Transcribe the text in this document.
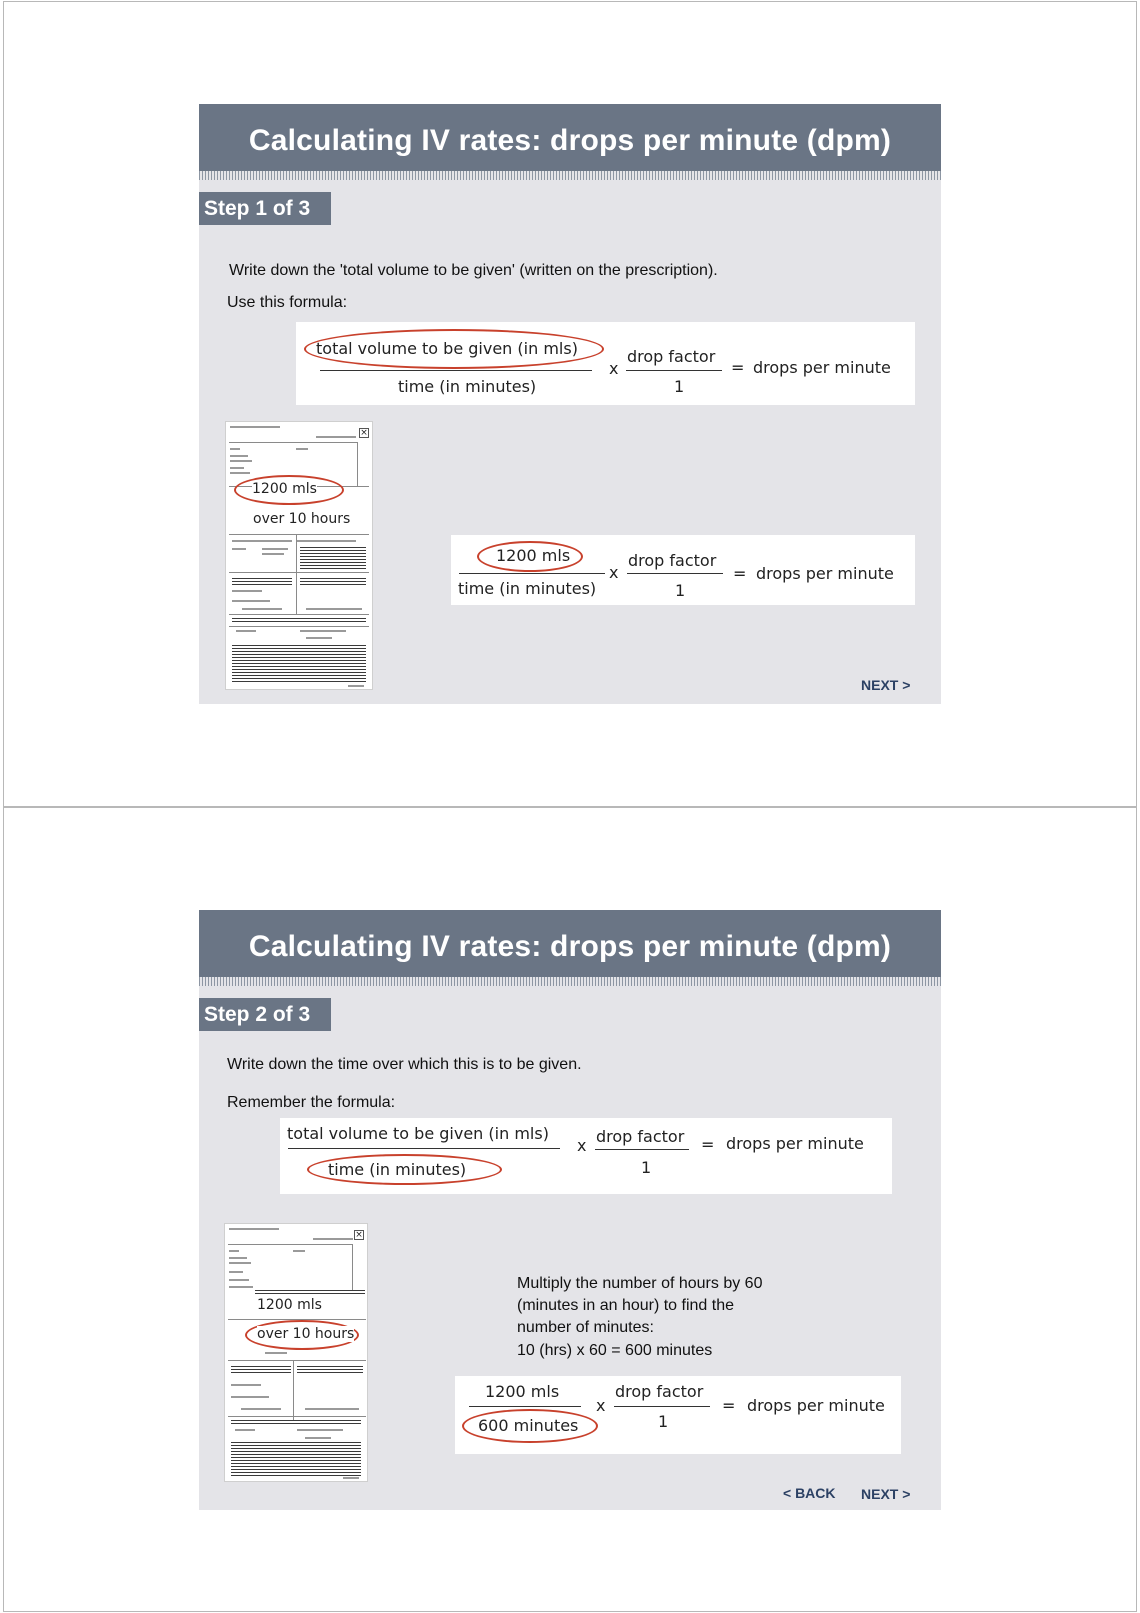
Calculating IV rates: drops per minute (dpm)
Step 1 of 3
Write down the 'total volume to be given' (written on the prescription).
Use this formula:
total volume to be given (in mls)
time (in minutes)
x
drop factor
1
= drops per minute
×
1200 mls
over 10 hours
1200 mls
time (in minutes)
x
drop factor
1
= drops per minute
NEXT >
Calculating IV rates: drops per minute (dpm)
Step 2 of 3
Write down the time over which this is to be given.
Remember the formula:
total volume to be given (in mls)
time (in minutes)
x drop factor
1
= drops per minute
×
1200 mls
over 10 hours
Multiply the number of hours by 60
(minutes in an hour) to find the
number of minutes:
10 (hrs) x 60 = 600 minutes
1200 mls
600 minutes
x
drop factor
1
= drops per minute
< BACK NEXT >
